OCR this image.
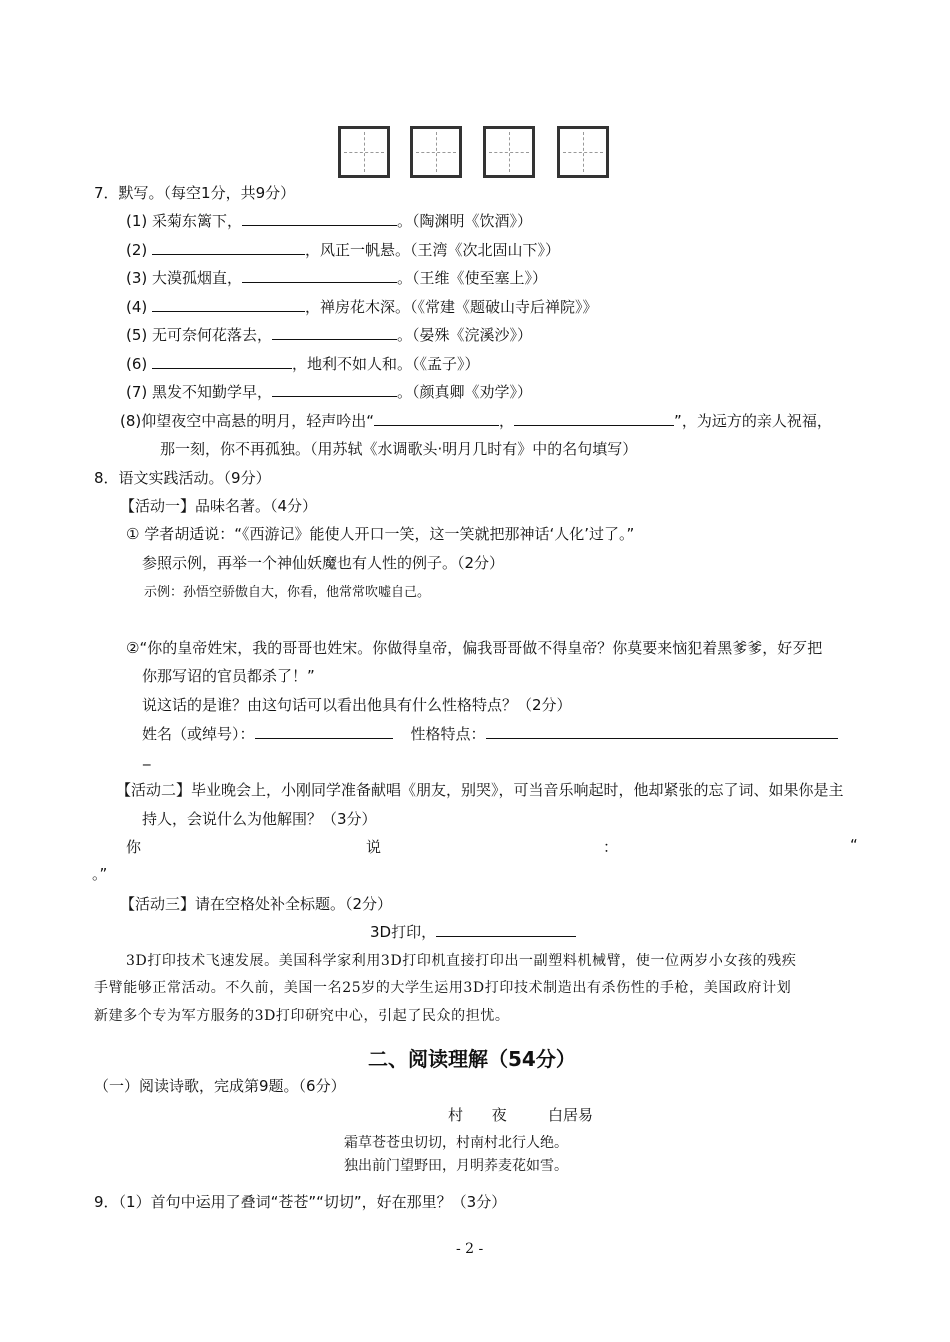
7．默写。（每空1分，共9分）
(1) 采菊东篱下，	。（陶渊明《饮酒》）
(2)	，风正一帆悬。（王湾《次北固山下》）
(3) 大漠孤烟直，	。（王维《使至塞上》）
(4)	，禅房花木深。（《常建《题破山寺后禅院》》
(5) 无可奈何花落去，	。（晏殊《浣溪沙》）
(6)	，地利不如人和。（《孟子》）
(7) 黑发不知勤学早，	。（颜真卿《劝学》）
(8)仰望夜空中高悬的明月，轻声吟出“	，	”，为远方的亲人祝福，
那一刻，你不再孤独。（用苏轼《水调歌头·明月几时有》中的名句填写）
8．语文实践活动。（9分）
【活动一】品味名著。（4分）
① 学者胡适说：“《西游记》能使人开口一笑，这一笑就把那神话‘人化’过了。”
参照示例，再举一个神仙妖魔也有人性的例子。（2分）
示例：孙悟空骄傲自大，你看，他常常吹嘘自己。
②“你的皇帝姓宋，我的哥哥也姓宋。你做得皇帝，偏我哥哥做不得皇帝？你莫要来恼犯着黑爹爹，好歹把
你那写诏的官员都杀了！”
说这话的是谁？由这句话可以看出他具有什么性格特点？（2分）
姓名（或绰号）：	性格特点：
_
【活动二】毕业晚会上，小刚同学准备献唱《朋友，别哭》，可当音乐响起时，他却紧张的忘了词、如果你是主
持人，会说什么为他解围？（3分）
你	说	：	“
。”
【活动三】请在空格处补全标题。（2分）
3D打印，
3D打印技术飞速发展。美国科学家利用3D打印机直接打印出一副塑料机械臂，使一位两岁小女孩的残疾
手臂能够正常活动。不久前，美国一名25岁的大学生运用3D打印技术制造出有杀伤性的手枪，美国政府计划
新建多个专为军方服务的3D打印研究中心，引起了民众的担忧。
二、阅读理解（54分）
（一）阅读诗歌，完成第9题。（6分）
村 夜 白居易
霜草苍苍虫切切，村南村北行人绝。
独出前门望野田，月明荞麦花如雪。
9．（1）首句中运用了叠词“苍苍”“切切”，好在那里？（3分）
- 2 -
